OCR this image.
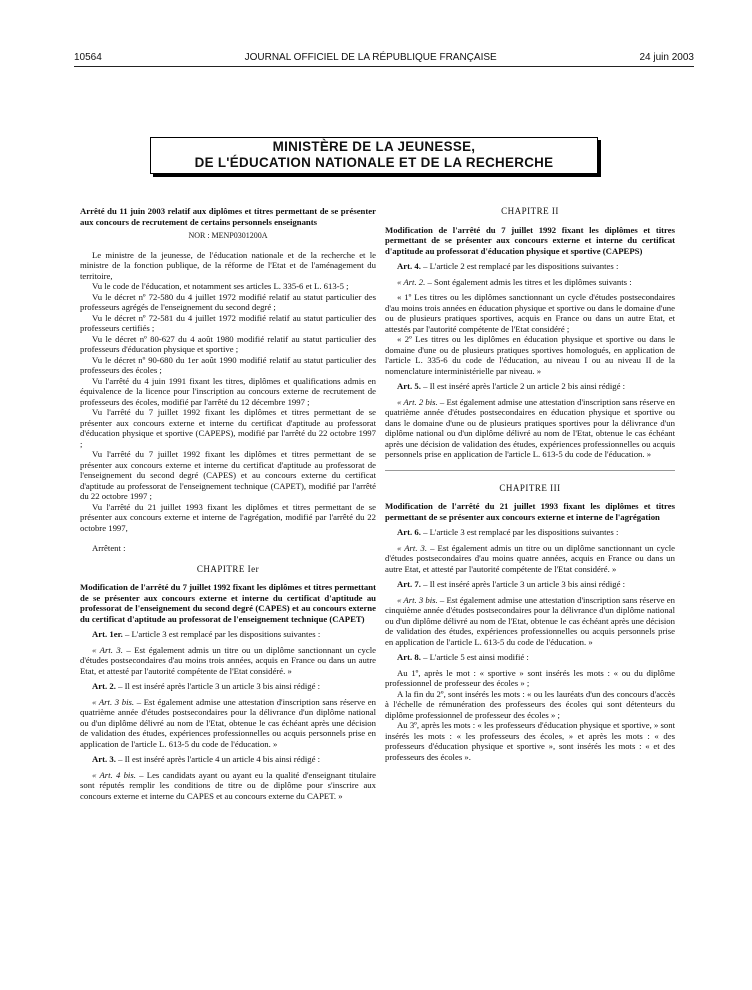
10564	JOURNAL OFFICIEL DE LA RÉPUBLIQUE FRANÇAISE	24 juin 2003
MINISTÈRE DE LA JEUNESSE,
DE L'ÉDUCATION NATIONALE ET DE LA RECHERCHE

Arrêté du 11 juin 2003 relatif aux diplômes et titres permettant de se présenter aux concours de recrutement de certains personnels enseignants

NOR : MENP0301200A

Le ministre de la jeunesse, de l'éducation nationale et de la recherche et le ministre de la fonction publique, de la réforme de l'Etat et de l'aménagement du territoire,

Vu le code de l'éducation, et notamment ses articles L. 335-6 et L. 613-5 ;

Vu le décret nº 72-580 du 4 juillet 1972 modifié relatif au statut particulier des professeurs agrégés de l'enseignement du second degré ;

Vu le décret nº 72-581 du 4 juillet 1972 modifié relatif au statut particulier des professeurs certifiés ;

Vu le décret nº 80-627 du 4 août 1980 modifié relatif au statut particulier des professeurs d'éducation physique et sportive ;

Vu le décret nº 90-680 du 1er août 1990 modifié relatif au statut particulier des professeurs des écoles ;

Vu l'arrêté du 4 juin 1991 fixant les titres, diplômes et qualifications admis en équivalence de la licence pour l'inscription au concours externe de recrutement de professeurs des écoles, modifié par l'arrêté du 12 décembre 1997 ;

Vu l'arrêté du 7 juillet 1992 fixant les diplômes et titres permettant de se présenter aux concours externe et interne du certificat d'aptitude au professorat d'éducation physique et sportive (CAPEPS), modifié par l'arrêté du 22 octobre 1997 ;

Vu l'arrêté du 7 juillet 1992 fixant les diplômes et titres permettant de se présenter aux concours externe et interne du certificat d'aptitude au professorat de l'enseignement du second degré (CAPES) et au concours externe du certificat d'aptitude au professorat de l'enseignement technique (CAPET), modifié par l'arrêté du 22 octobre 1997 ;

Vu l'arrêté du 21 juillet 1993 fixant les diplômes et titres permettant de se présenter aux concours externe et interne de l'agrégation, modifié par l'arrêté du 22 octobre 1997,

Arrêtent :

CHAPITRE Ier

Modification de l'arrêté du 7 juillet 1992 fixant les diplômes et titres permettant de se présenter aux concours externe et interne du certificat d'aptitude au professorat de l'enseignement du second degré (CAPES) et au concours externe du certificat d'aptitude au professorat de l'enseignement technique (CAPET)

Art. 1er. – L'article 3 est remplacé par les dispositions suivantes :

« Art. 3. – Est également admis un titre ou un diplôme sanctionnant un cycle d'études postsecondaires d'au moins trois années, acquis en France ou dans un autre Etat, et attesté par l'autorité compétente de l'Etat considéré. »

Art. 2. – Il est inséré après l'article 3 un article 3 bis ainsi rédigé :

« Art. 3 bis. – Est également admise une attestation d'inscription sans réserve en quatrième année d'études postsecondaires pour la délivrance d'un diplôme national ou d'un diplôme délivré au nom de l'Etat, obtenue le cas échéant après une décision de validation des études, expériences professionnelles ou acquis personnels prise en application de l'article L. 613-5 du code de l'éducation. »

Art. 3. – Il est inséré après l'article 4 un article 4 bis ainsi rédigé :

« Art. 4 bis. – Les candidats ayant ou ayant eu la qualité d'enseignant titulaire sont réputés remplir les conditions de titre ou de diplôme pour s'inscrire aux concours externe et interne du CAPES et au concours externe du CAPET. »

CHAPITRE II

Modification de l'arrêté du 7 juillet 1992 fixant les diplômes et titres permettant de se présenter aux concours externe et interne du certificat d'aptitude au professorat d'éducation physique et sportive (CAPEPS)

Art. 4. – L'article 2 est remplacé par les dispositions suivantes :

« Art. 2. – Sont également admis les titres et les diplômes suivants :

« 1º Les titres ou les diplômes sanctionnant un cycle d'études postsecondaires d'au moins trois années en éducation physique et sportive ou dans le domaine d'une ou de plusieurs pratiques sportives, acquis en France ou dans un autre Etat, et attestés par l'autorité compétente de l'Etat considéré ;

« 2º Les titres ou les diplômes en éducation physique et sportive ou dans le domaine d'une ou de plusieurs pratiques sportives homologués, en application de l'article L. 335-6 du code de l'éducation, au niveau I ou au niveau II de la nomenclature interministérielle par niveau. »

Art. 5. – Il est inséré après l'article 2 un article 2 bis ainsi rédigé :

« Art. 2 bis. – Est également admise une attestation d'inscription sans réserve en quatrième année d'études postsecondaires en éducation physique et sportive ou dans le domaine d'une ou de plusieurs pratiques sportives pour la délivrance d'un diplôme national ou d'un diplôme délivré au nom de l'Etat, obtenue le cas échéant après une décision de validation des études, expériences professionnelles ou acquis personnels prise en application de l'article L. 613-5 du code de l'éducation. »

CHAPITRE III

Modification de l'arrêté du 21 juillet 1993 fixant les diplômes et titres permettant de se présenter aux concours externe et interne de l'agrégation

Art. 6. – L'article 3 est remplacé par les dispositions suivantes :

« Art. 3. – Est également admis un titre ou un diplôme sanctionnant un cycle d'études postsecondaires d'au moins quatre années, acquis en France ou dans un autre Etat, et attesté par l'autorité compétente de l'Etat considéré. »

Art. 7. – Il est inséré après l'article 3 un article 3 bis ainsi rédigé :

« Art. 3 bis. – Est également admise une attestation d'inscription sans réserve en cinquième année d'études postsecondaires pour la délivrance d'un diplôme national ou d'un diplôme délivré au nom de l'Etat, obtenue le cas échéant après une décision de validation des études, expériences professionnelles ou acquis personnels prise en application de l'article L. 613-5 du code de l'éducation. »

Art. 8. – L'article 5 est ainsi modifié :

Au 1º, après le mot : « sportive » sont insérés les mots : « ou du diplôme professionnel de professeur des écoles » ;

A la fin du 2º, sont insérés les mots : « ou les lauréats d'un des concours d'accès à l'échelle de rémunération des professeurs des écoles qui sont détenteurs du diplôme professionnel de professeur des écoles » ;

Au 3º, après les mots : « les professeurs d'éducation physique et sportive, » sont insérés les mots : « les professeurs des écoles, » et après les mots : « des professeurs d'éducation physique et sportive », sont insérés les mots : « et des professeurs des écoles ».
